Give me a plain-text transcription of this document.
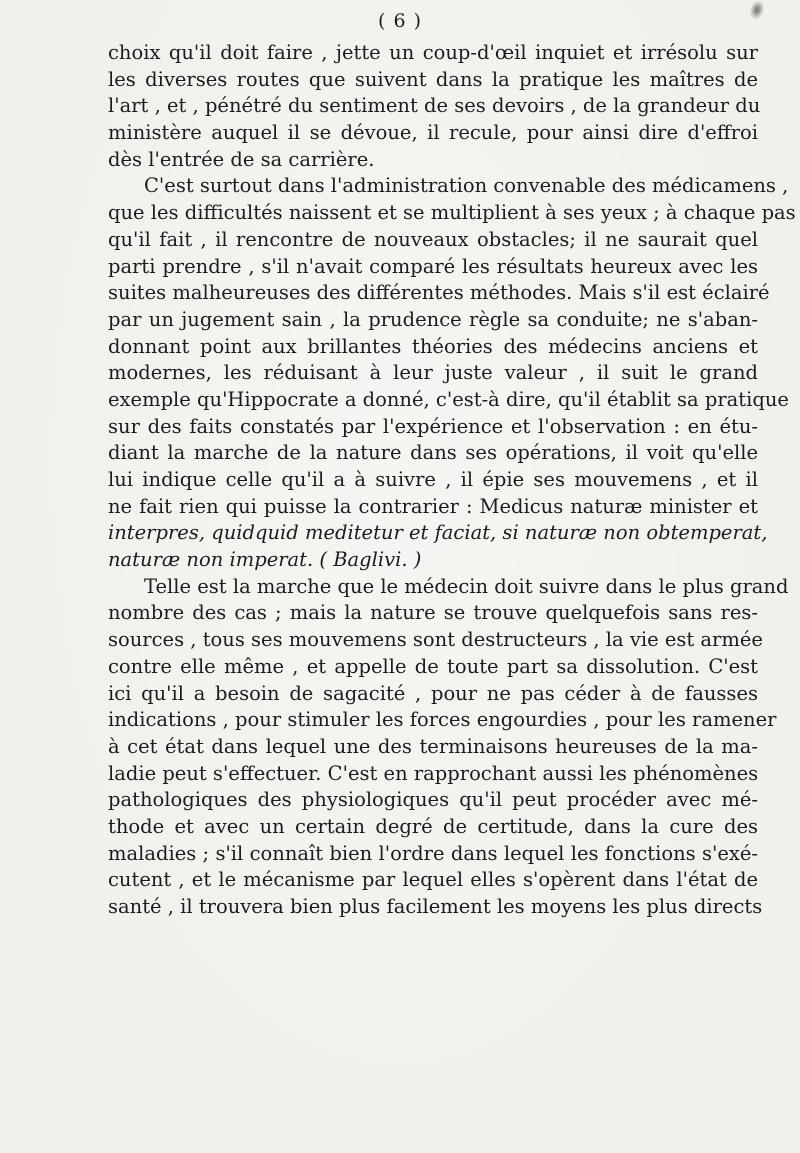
( 6 )
choix qu'il doit faire , jette un coup-d'œil inquiet et irrésolu sur
les diverses routes que suivent dans la pratique les maîtres de
l'art , et , pénétré du sentiment de ses devoirs , de la grandeur du
ministère auquel il se dévoue, il recule, pour ainsi dire d'effroi
dès l'entrée de sa carrière.
C'est surtout dans l'administration convenable des médicamens ,
que les difficultés naissent et se multiplient à ses yeux ; à chaque pas
qu'il fait , il rencontre de nouveaux obstacles; il ne saurait quel
parti prendre , s'il n'avait comparé les résultats heureux avec les
suites malheureuses des différentes méthodes. Mais s'il est éclairé
par un jugement sain , la prudence règle sa conduite; ne s'aban-
donnant point aux brillantes théories des médecins anciens et
modernes, les réduisant à leur juste valeur , il suit le grand
exemple qu'Hippocrate a donné, c'est-à dire, qu'il établit sa pratique
sur des faits constatés par l'expérience et l'observation : en étu-
diant la marche de la nature dans ses opérations, il voit qu'elle
lui indique celle qu'il a à suivre , il épie ses mouvemens , et il
ne fait rien qui puisse la contrarier : Medicus naturæ minister et
interpres, quidquid meditetur et faciat, si naturæ non obtemperat,
naturæ non imperat. ( Baglivi. )
Telle est la marche que le médecin doit suivre dans le plus grand
nombre des cas ; mais la nature se trouve quelquefois sans res-
sources , tous ses mouvemens sont destructeurs , la vie est armée
contre elle même , et appelle de toute part sa dissolution. C'est
ici qu'il a besoin de sagacité , pour ne pas céder à de fausses
indications , pour stimuler les forces engourdies , pour les ramener
à cet état dans lequel une des terminaisons heureuses de la ma-
ladie peut s'effectuer. C'est en rapprochant aussi les phénomènes
pathologiques des physiologiques qu'il peut procéder avec mé-
thode et avec un certain degré de certitude, dans la cure des
maladies ; s'il connaît bien l'ordre dans lequel les fonctions s'exé-
cutent , et le mécanisme par lequel elles s'opèrent dans l'état de
santé , il trouvera bien plus facilement les moyens les plus directs
